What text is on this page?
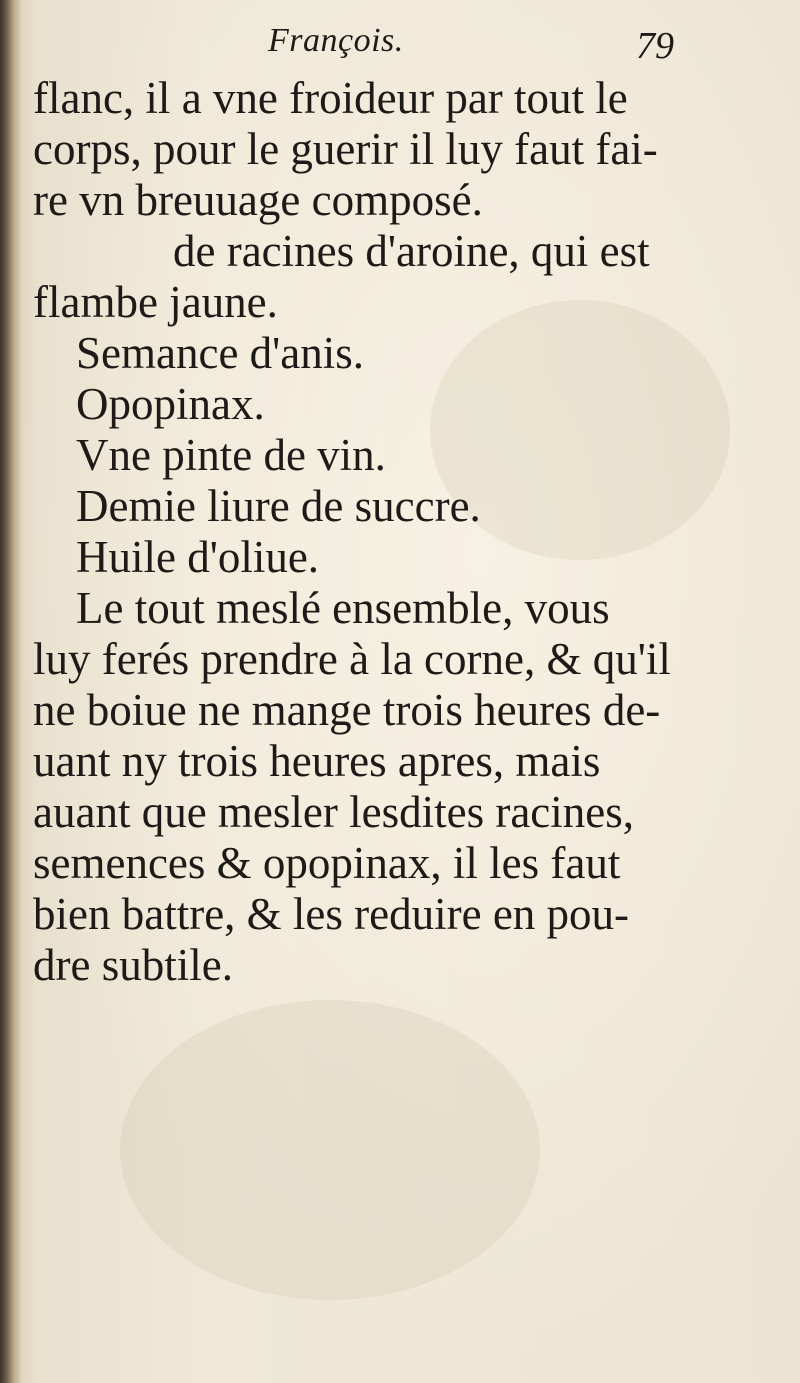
François.	79
flanc, il a vne froideur par tout le
corps, pour le guerir il luy faut fai-
re vn breuuage composé.
de racines d'aroine, qui est
flambe jaune.
Semance d'anis.
Opopinax.
Vne pinte de vin.
Demie liure de succre.
Huile d'oliue.
Le tout meslé ensemble, vous
luy ferés prendre à la corne, & qu'il
ne boiue ne mange trois heures de-
uant ny trois heures apres, mais
auant que mesler lesdites racines,
semences & opopinax, il les faut
bien battre, & les reduire en pou-
dre subtile.
